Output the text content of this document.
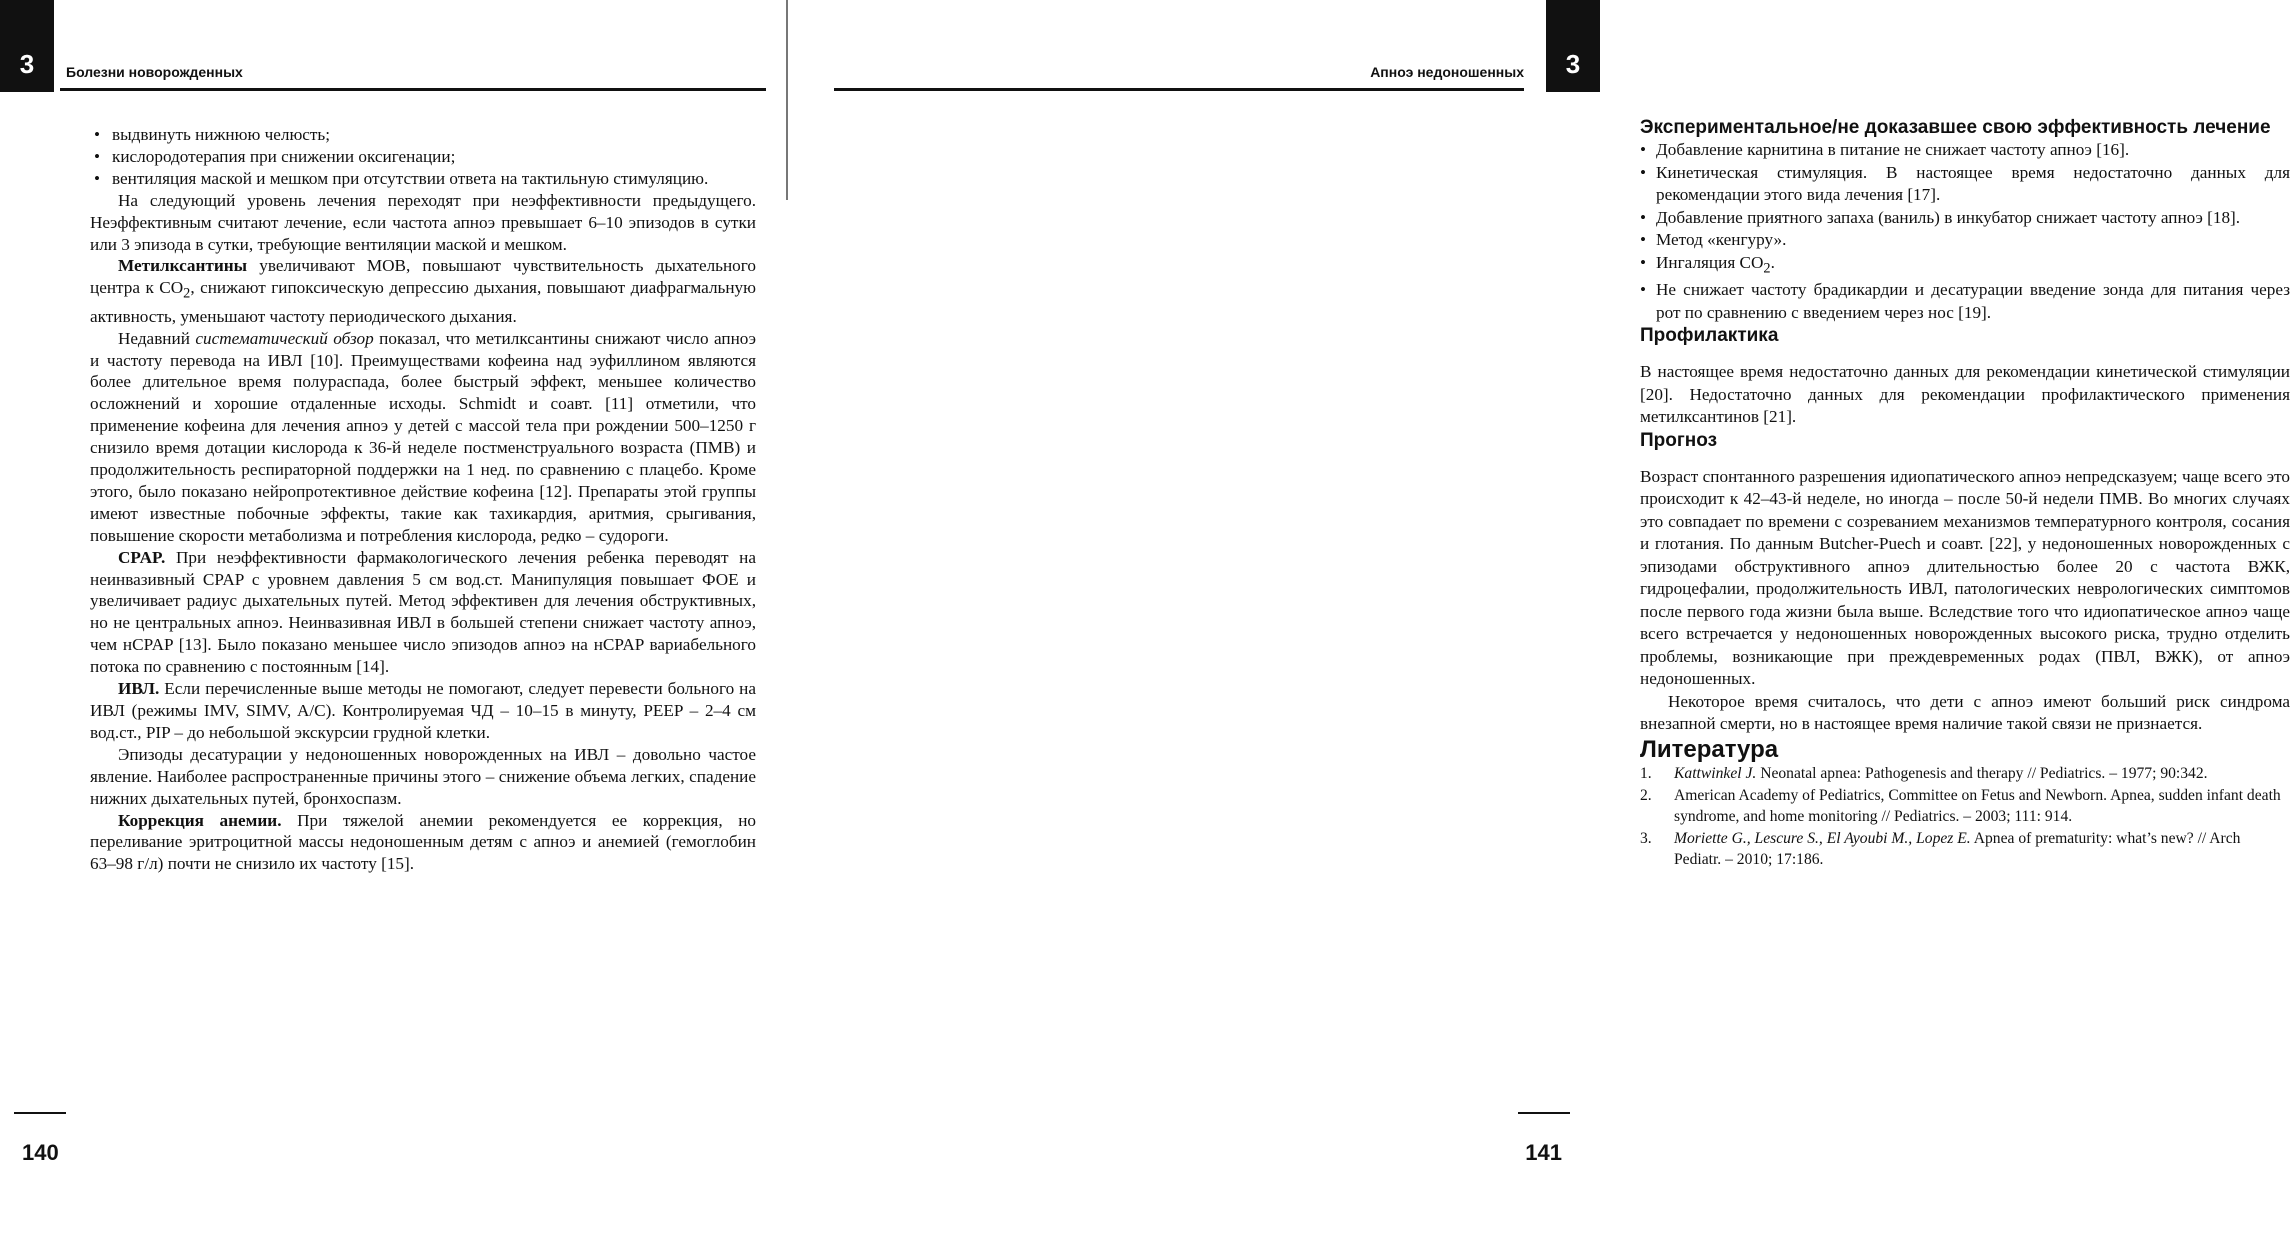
3 Болезни новорожденных
• выдвинуть нижнюю челюсть;
• кислородотерапия при снижении оксигенации;
• вентиляция маской и мешком при отсутствии ответа на тактильную стимуляцию.

На следующий уровень лечения переходят при неэффективности предыдущего. Неэффективным считают лечение, если частота апноэ превышает 6–10 эпизодов в сутки или 3 эпизода в сутки, требующие вентиляции маской и мешком.

Метилксантины увеличивают МОВ, повышают чувствительность дыхательного центра к $СО_2$, снижают гипоксическую депрессию дыхания, повышают диафрагмальную активность, уменьшают частоту периодического дыхания.

Недавний систематический обзор показал, что метилксантины снижают число апноэ и частоту перевода на ИВЛ [10]. Преимуществами кофеина над эуфиллином являются более длительное время полураспада, более быстрый эффект, меньшее количество осложнений и хорошие отдаленные исходы. Schmidt и соавт. [11] отметили, что применение кофеина для лечения апноэ у детей с массой тела при рождении 500–1250 г снизило время дотации кислорода к 36-й неделе постменструального возраста (ПМВ) и продолжительность респираторной поддержки на 1 нед. по сравнению с плацебо. Кроме этого, было показано нейропротективное действие кофеина [12]. Препараты этой группы имеют известные побочные эффекты, такие как тахикардия, аритмия, срыгивания, повышение скорости метаболизма и потребления кислорода, редко – судороги.

CPAP. При неэффективности фармакологического лечения ребенка переводят на неинвазивный CPAP с уровнем давления 5 см вод.ст. Манипуляция повышает ФОЕ и увеличивает радиус дыхательных путей. Метод эффективен для лечения обструктивных, но не центральных апноэ. Неинвазивная ИВЛ в большей степени снижает частоту апноэ, чем нCPAP [13]. Было показано меньшее число эпизодов апноэ на нCPAP вариабельного потока по сравнению с постоянным [14].

ИВЛ. Если перечисленные выше методы не помогают, следует перевести больного на ИВЛ (режимы IMV, SIMV, A/C). Контролируемая ЧД – 10–15 в минуту, PEEP – 2–4 см вод.ст., PIP – до небольшой экскурсии грудной клетки.

Эпизоды десатурации у недоношенных новорожденных на ИВЛ – довольно частое явление. Наиболее распространенные причины этого – снижение объема легких, спадение нижних дыхательных путей, бронхоспазм.

Коррекция анемии. При тяжелой анемии рекомендуется ее коррекция, но переливание эритроцитной массы недоношенным детям с апноэ и анемией (гемоглобин 63–98 г/л) почти не снизило их частоту [15].

140
Апноэ недоношенных 3
Экспериментальное/не доказавшее свою эффективность лечение
• Добавление карнитина в питание не снижает частоту апноэ [16].
• Кинетическая стимуляция. В настоящее время недостаточно данных для рекомендации этого вида лечения [17].
• Добавление приятного запаха (ваниль) в инкубатор снижает частоту апноэ [18].
• Метод «кенгуру».
• Ингаляция $CO_2$.
• Не снижает частоту брадикардии и десатурации введение зонда для питания через рот по сравнению с введением через нос [19].
Профилактика

В настоящее время недостаточно данных для рекомендации кинетической стимуляции [20]. Недостаточно данных для рекомендации профилактического применения метилксантинов [21].

Прогноз

Возраст спонтанного разрешения идиопатического апноэ непредсказуем; чаще всего это происходит к 42–43-й неделе, но иногда – после 50-й недели ПМВ. Во многих случаях это совпадает по времени с созреванием механизмов температурного контроля, сосания и глотания. По данным Butcher-Puech и соавт. [22], у недоношенных новорожденных с эпизодами обструктивного апноэ длительностью более 20 с частота ВЖК, гидроцефалии, продолжительность ИВЛ, патологических неврологических симптомов после первого года жизни была выше. Вследствие того что идиопатическое апноэ чаще всего встречается у недоношенных новорожденных высокого риска, трудно отделить проблемы, возникающие при преждевременных родах (ПВЛ, ВЖК), от апноэ недоношенных.

Некоторое время считалось, что дети с апноэ имеют больший риск синдрома внезапной смерти, но в настоящее время наличие такой связи не признается.

Литература
1. Kattwinkel J. Neonatal apnea: Pathogenesis and therapy // Pediatrics. – 1977; 90:342.
2. American Academy of Pediatrics, Committee on Fetus and Newborn. Apnea, sudden infant death syndrome, and home monitoring // Pediatrics. – 2003; 111: 914.
3. Moriette G., Lescure S., El Ayoubi M., Lopez E. Apnea of prematurity: what’s new? // Arch Pediatr. – 2010; 17:186.
141
